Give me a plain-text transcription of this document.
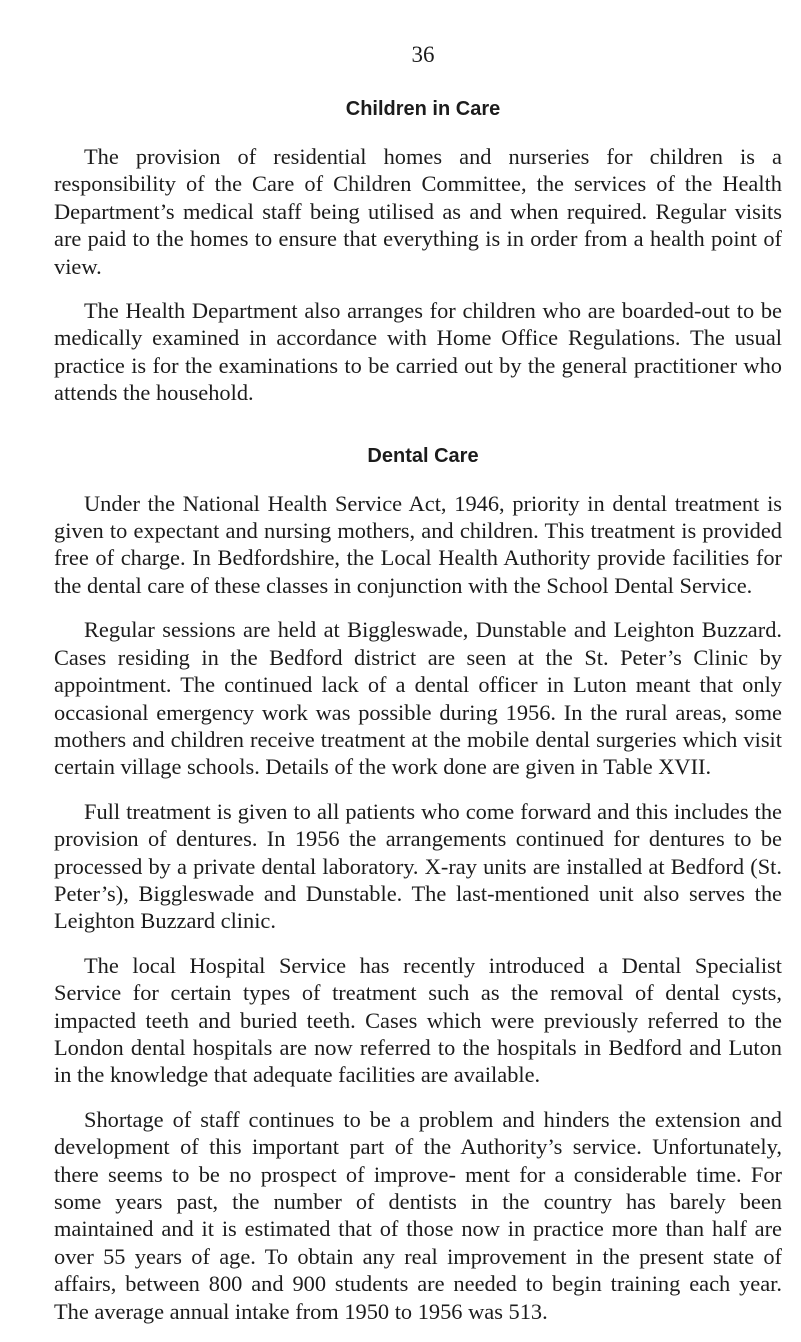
36
Children in Care

The provision of residential homes and nurseries for children is a responsibility of the Care of Children Committee, the services of the Health Department’s medical staff being utilised as and when required. Regular visits are paid to the homes to ensure that everything is in order from a health point of view.

The Health Department also arranges for children who are boarded-out to be medically examined in accordance with Home Office Regulations. The usual practice is for the examinations to be carried out by the general practitioner who attends the household.

Dental Care

Under the National Health Service Act, 1946, priority in dental treatment is given to expectant and nursing mothers, and children. This treatment is provided free of charge. In Bedfordshire, the Local Health Authority provide facilities for the dental care of these classes in conjunction with the School Dental Service.

Regular sessions are held at Biggleswade, Dunstable and Leighton Buzzard. Cases residing in the Bedford district are seen at the St. Peter’s Clinic by appointment. The continued lack of a dental officer in Luton meant that only occasional emergency work was possible during 1956. In the rural areas, some mothers and children receive treatment at the mobile dental surgeries which visit certain village schools. Details of the work done are given in Table XVII.

Full treatment is given to all patients who come forward and this includes the provision of dentures. In 1956 the arrangements continued for dentures to be processed by a private dental laboratory. X-ray units are installed at Bedford (St. Peter’s), Biggleswade and Dunstable. The last-mentioned unit also serves the Leighton Buzzard clinic.

The local Hospital Service has recently introduced a Dental Specialist Service for certain types of treatment such as the removal of dental cysts, impacted teeth and buried teeth. Cases which were previously referred to the London dental hospitals are now referred to the hospitals in Bedford and Luton in the knowledge that adequate facilities are available.

Shortage of staff continues to be a problem and hinders the extension and development of this important part of the Authority’s service. Unfortunately, there seems to be no prospect of improve- ment for a considerable time. For some years past, the number of dentists in the country has barely been maintained and it is estimated that of those now in practice more than half are over 55 years of age. To obtain any real improvement in the present state of affairs, between 800 and 900 students are needed to begin training each year. The average annual intake from 1950 to 1956 was 513.
